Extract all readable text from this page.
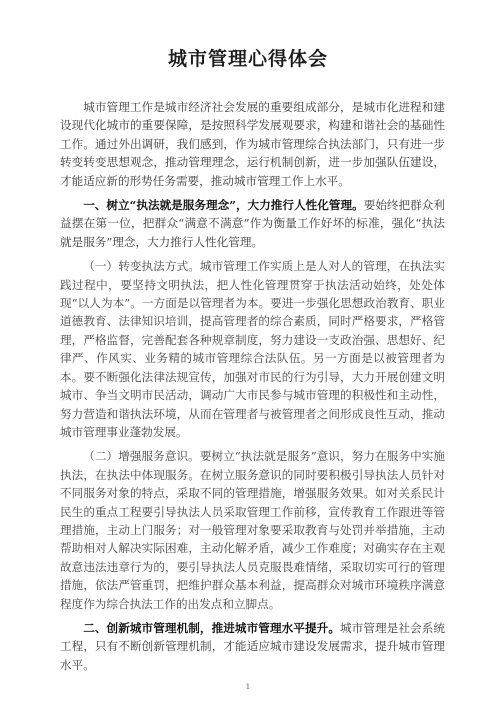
城市管理心得体会

城市管理工作是城市经济社会发展的重要组成部分，是城市化进程和建设现代化城市的重要保障，是按照科学发展观要求，构建和谐社会的基础性工作。通过外出调研，我们感到，作为城市管理综合执法部门，只有进一步转变转变思想观念，推动管理理念，运行机制创新，进一步加强队伍建设，才能适应新的形势任务需要，推动城市管理工作上水平。

一、树立“执法就是服务理念”，大力推行人性化管理。要始终把群众利益摆在第一位，把群众“满意不满意”作为衡量工作好坏的标准，强化“执法就是服务”理念，大力推行人性化管理。

（一）转变执法方式。城市管理工作实质上是人对人的管理，在执法实践过程中，要坚持文明执法，把人性化管理贯穿于执法活动始终，处处体现“以人为本”。一方面是以管理者为本。要进一步强化思想政治教育、职业道德教育、法律知识培训，提高管理者的综合素质，同时严格要求，严格管理，严格监督，完善配套各种规章制度，努力建设一支政治强、思想好、纪律严、作风实、业务精的城市管理综合法队伍。另一方面是以被管理者为本。要不断强化法律法规宣传，加强对市民的行为引导，大力开展创建文明城市、争当文明市民活动，调动广大市民参与城市管理的积极性和主动性，努力营造和谐执法环境，从而在管理者与被管理者之间形成良性互动，推动城市管理事业蓬勃发展。

（二）增强服务意识。要树立“执法就是服务”意识，努力在服务中实施执法，在执法中体现服务。在树立服务意识的同时要积极引导执法人员针对不同服务对象的特点，采取不同的管理措施，增强服务效果。如对关系民计民生的重点工程要引导执法人员采取管理工作前移，宣传教育工作跟进等管理措施，主动上门服务；对一般管理对象要采取教育与处罚并举措施，主动帮助相对人解决实际困难，主动化解矛盾，减少工作难度；对确实存在主观故意违法违章行为的，要引导执法人员克服畏难情绪，采取切实可行的管理措施，依法严管重罚，把维护群众基本利益，提高群众对城市环境秩序满意程度作为综合执法工作的出发点和立脚点。

二、创新城市管理机制，推进城市管理水平提升。城市管理是社会系统工程，只有不断创新管理机制，才能适应城市建设发展需求，提升城市管理水平。

1
